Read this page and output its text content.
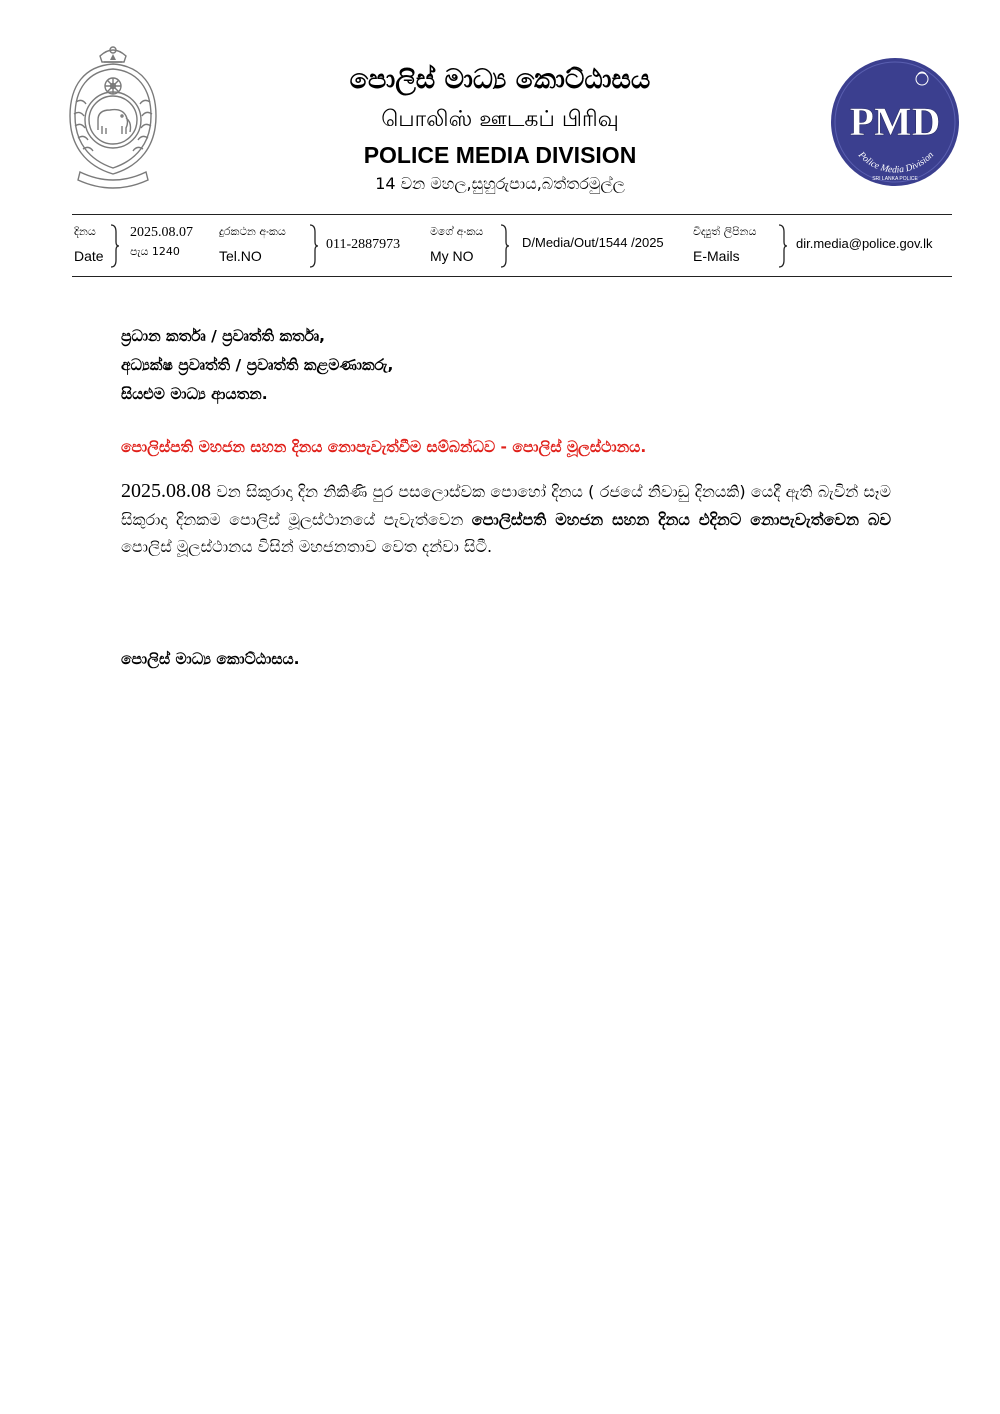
පොලිස් මාධ්‍ය කොට්ඨාසය
பொலிஸ் ஊடகப் பிரிவு
POLICE MEDIA DIVISION
14 වන මහල,සුහුරුපාය,බත්තරමුල්ල
PMD
Police Media Division
SRI LANKA POLICE
දිනය
Date
2025.08.07
පැය 1240
දුරකථන අංකය
Tel.NO
011-2887973
මගේ අංකය
My NO
D/Media/Out/1544 /2025
විද්‍යුත් ලිපිනය
E-Mails
dir.media@police.gov.lk
ප්‍රධාන කර්තෘ / ප්‍රවෘත්ති කර්තෘ,
අධ්‍යක්ෂ ප්‍රවෘත්ති / ප්‍රවෘත්ති කළමණාකරු,
සියළුම මාධ්‍ය ආයතන.
පොලිස්පති මහජන සහන දිනය නොපැවැත්වීම සම්බන්ධව - පොලිස් මූලස්ථානය.
2025.08.08 වන සිකුරාදා දින නිකිණි පුර පසලොස්වක පොහෝ දිනය ( රජයේ නිවාඩු දිනයකි) යෙදී ඇති බැවින් සෑම සිකුරාදා දිනකම පොලිස් මූලස්ථානයේ පැවැත්වෙන පොලිස්පති මහජන සහන දිනය එදිනට නොපැවැත්වෙන බව පොලිස් මූලස්ථානය විසින් මහජනතාව වෙත දන්වා සිටී.
පොලිස් මාධ්‍ය කොට්ඨාසය.
